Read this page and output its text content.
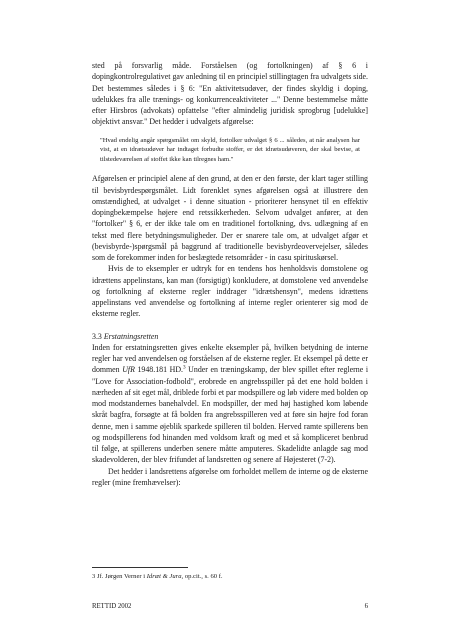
sted på forsvarlig måde. Forståelsen (og fortolkningen) af § 6 i dopingkontrolregulativet gav anledning til en principiel stillingtagen fra udvalgets side. Det bestemmes således i § 6: "En aktivitetsudøver, der findes skyldig i doping, udelukkes fra alle trænings- og konkurrenceaktiviteter ..." Denne bestemmelse måtte efter Hirsbros (advokats) opfattelse "efter almindelig juridisk sprogbrug [udelukke] objektivt ansvar." Det hedder i udvalgets afgørelse:

"Hvad endelig angår spørgsmålet om skyld, fortolker udvalget § 6 ... således, at når analysen har vist, at en idrætsudøver har indtaget forbudte stoffer, er det idrætsudøveren, der skal bevise, at tilstedeværelsen af stoffet ikke kan tilregnes ham."

Afgørelsen er principiel alene af den grund, at den er den første, der klart tager stilling til bevisbyrdespørgsmålet. Lidt forenklet synes afgørelsen også at illustrere den omstændighed, at udvalget - i denne situation - prioriterer hensynet til en effektiv dopingbekæmpelse højere end retssikkerheden. Selvom udvalget anfører, at den "fortolker" § 6, er der ikke tale om en traditionel fortolkning, dvs. udlægning af en tekst med flere betydningsmuligheder. Der er snarere tale om, at udvalget afgør et (bevisbyrde-)spørgsmål på baggrund af traditionelle bevisbyrdeovervejelser, således som de forekommer inden for beslægtede retsområder - in casu spirituskørsel.

Hvis de to eksempler er udtryk for en tendens hos henholdsvis domstolene og idrættens appelinstans, kan man (forsigtigt) konkludere, at domstolene ved anvendelse og fortolkning af eksterne regler inddrager "idrætshensyn", medens idrættens appelinstans ved anvendelse og fortolkning af interne regler orienterer sig mod de eksterne regler.

3.3 Erstatningsretten

Inden for erstatningsretten gives enkelte eksempler på, hvilken betydning de interne regler har ved anvendelsen og forståelsen af de eksterne regler. Et eksempel på dette er dommen UfR 1948.181 HD.$^3$ Under en træningskamp, der blev spillet efter reglerne i "Love for Association-fodbold", erobrede en angrebsspiller på det ene hold bolden i nærheden af sit eget mål, driblede forbi et par modspillere og løb videre med bolden op mod modstandernes banehalvdel. En modspiller, der med høj hastighed kom løbende skråt bagfra, forsøgte at få bolden fra angrebsspilleren ved at føre sin højre fod foran denne, men i samme øjeblik sparkede spilleren til bolden. Herved ramte spillerens ben og modspillerens fod hinanden med voldsom kraft og med et så kompliceret benbrud til følge, at spillerens underben senere måtte amputeres. Skadelidte anlagde sag mod skadevolderen, der blev frifundet af landsretten og senere af Højesteret (7-2).

Det hedder i landsrettens afgørelse om forholdet mellem de interne og de eksterne regler (mine fremhævelser):

3 Jf. Jørgen Verner i Idræt & Jura, op.cit., s. 60 f.
RETTID 2002	6
